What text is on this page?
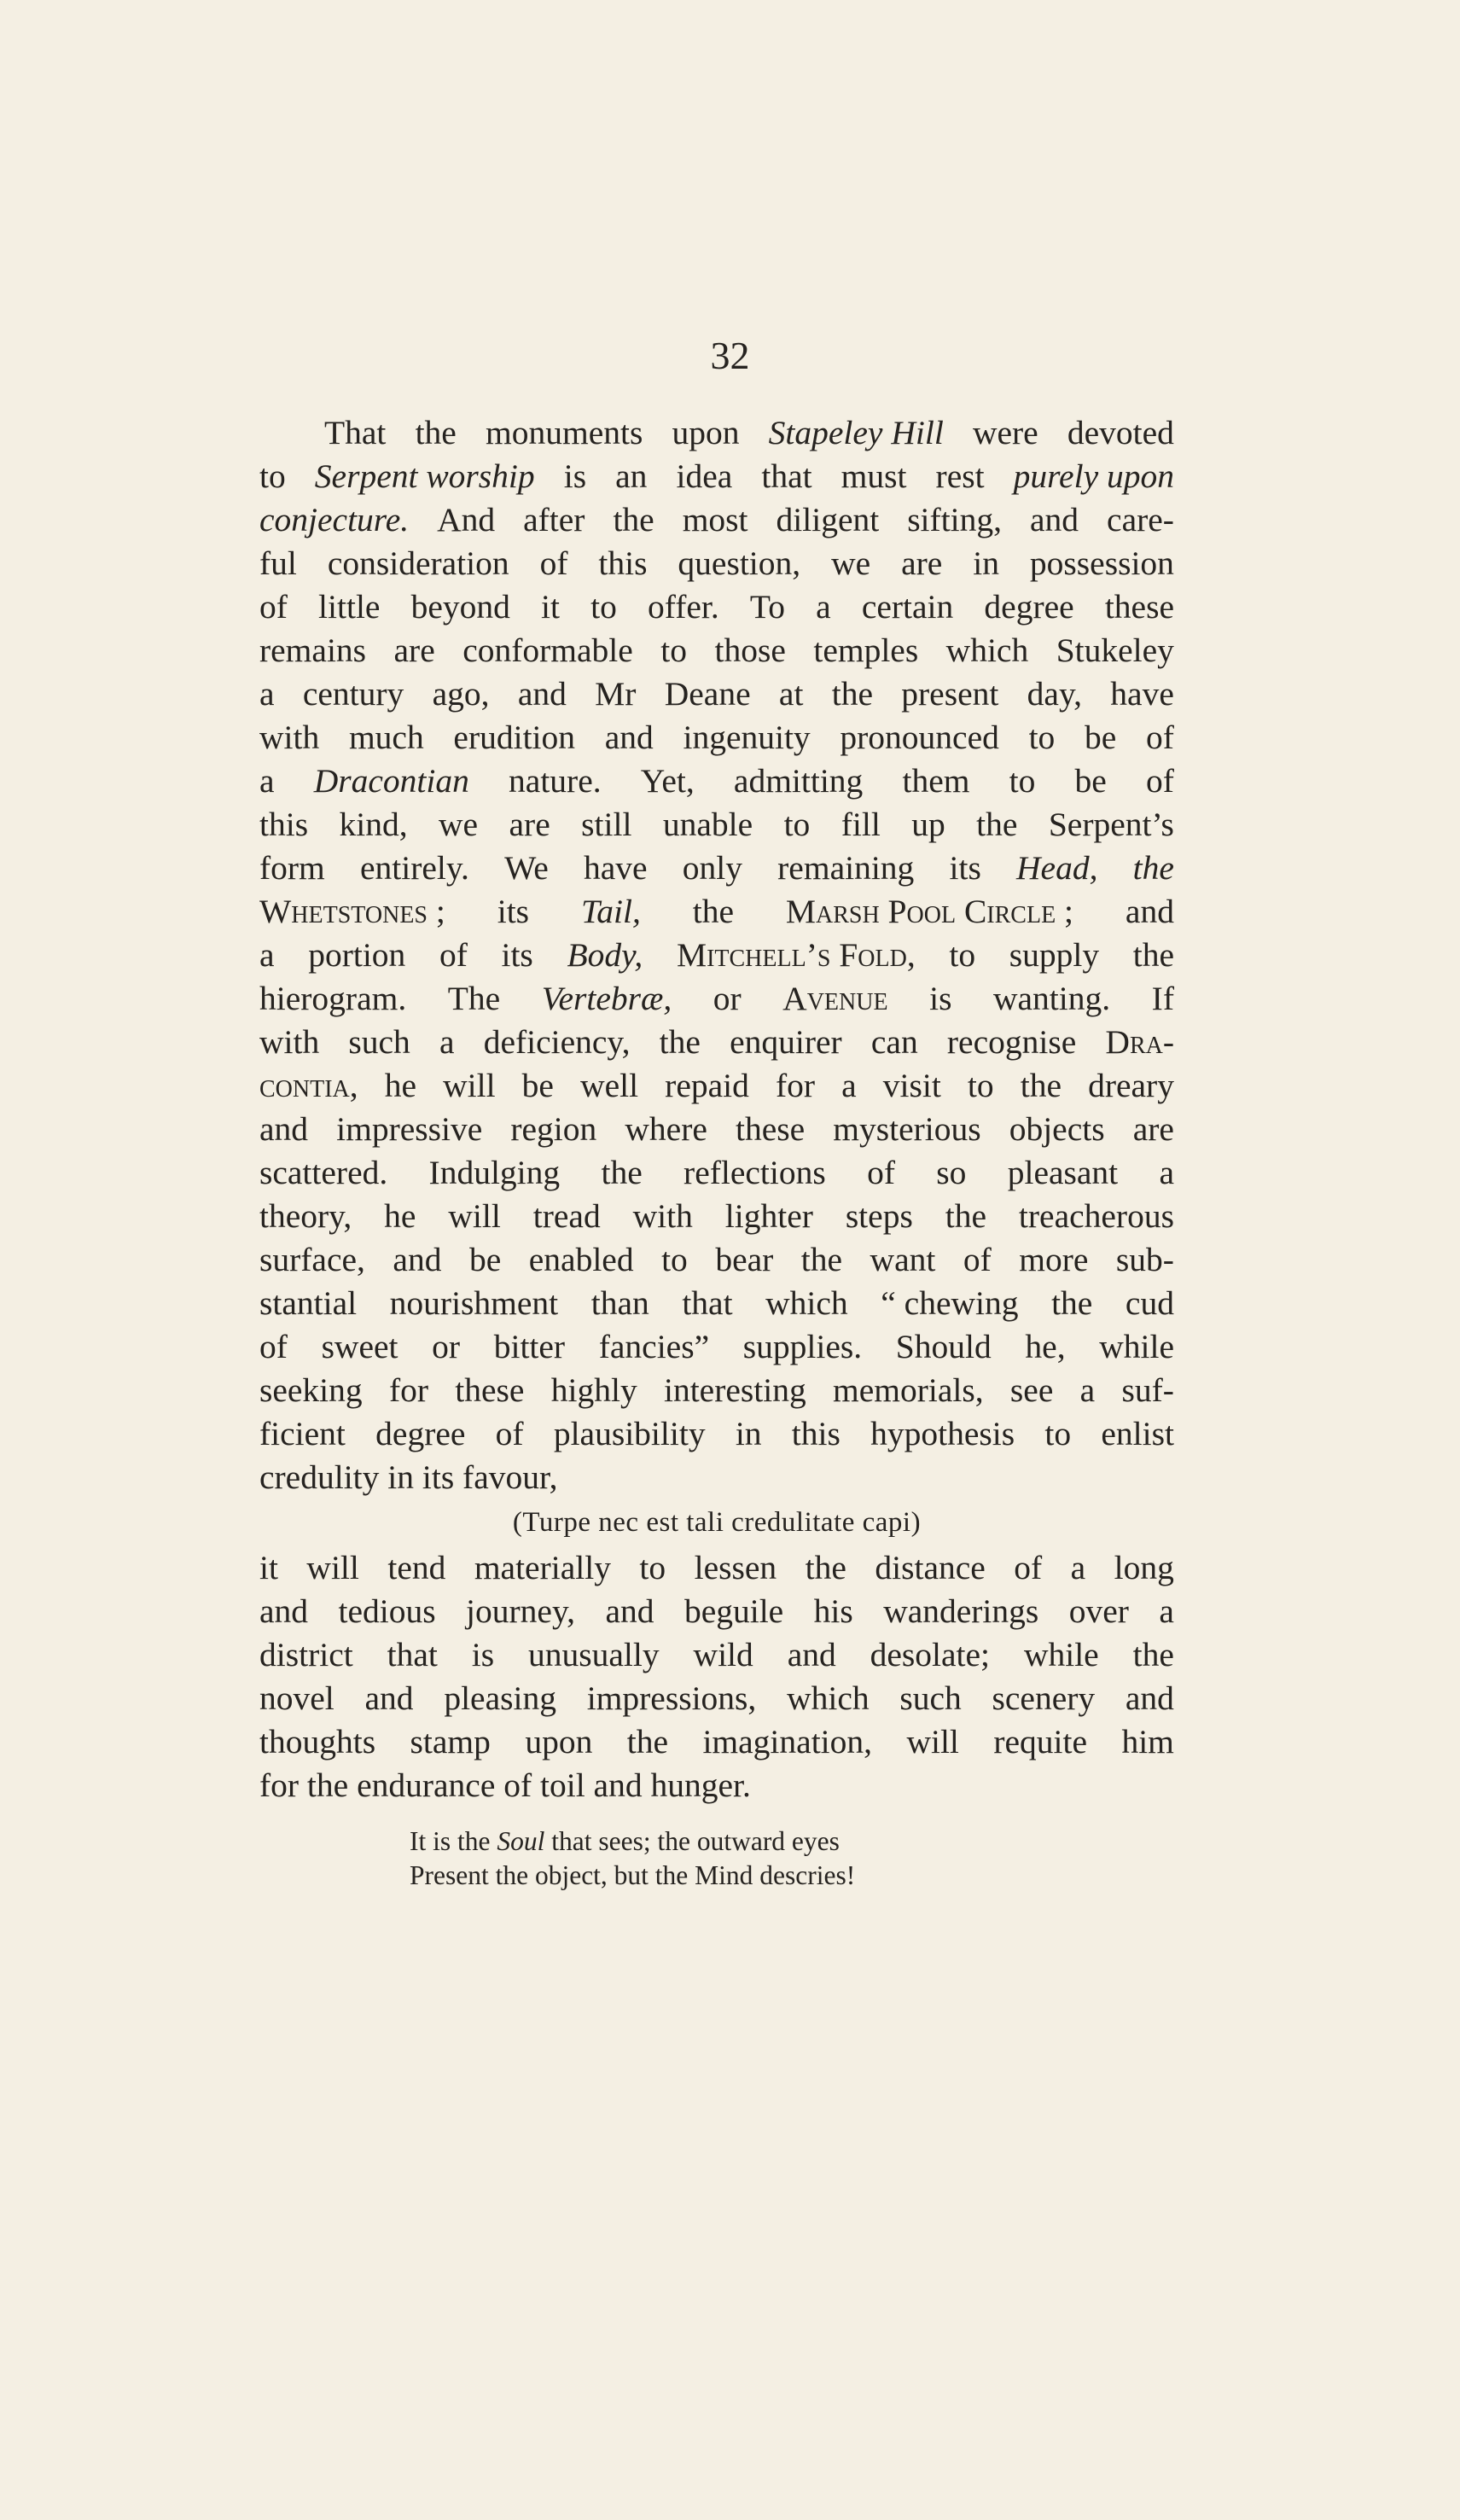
32
That the monuments upon Stapeley Hill were devoted
to Serpent worship is an idea that must rest purely upon
conjecture. And after the most diligent sifting, and care-
ful consideration of this question, we are in possession
of little beyond it to offer. To a certain degree these
remains are conformable to those temples which Stukeley
a century ago, and Mr Deane at the present day, have
with much erudition and ingenuity pronounced to be of
a Dracontian nature. Yet, admitting them to be of
this kind, we are still unable to fill up the Serpent’s
form entirely. We have only remaining its Head, the
Whetstones ; its Tail, the Marsh Pool Circle ; and
a portion of its Body, Mitchell’s Fold, to supply the
hierogram. The Vertebræ, or Avenue is wanting. If
with such a deficiency, the enquirer can recognise Dra-
contia, he will be well repaid for a visit to the dreary
and impressive region where these mysterious objects are
scattered. Indulging the reflections of so pleasant a
theory, he will tread with lighter steps the treacherous
surface, and be enabled to bear the want of more sub-
stantial nourishment than that which “ chewing the cud
of sweet or bitter fancies” supplies. Should he, while
seeking for these highly interesting memorials, see a suf-
ficient degree of plausibility in this hypothesis to enlist
credulity in its favour,
(Turpe nec est tali credulitate capi)
it will tend materially to lessen the distance of a long
and tedious journey, and beguile his wanderings over a
district that is unusually wild and desolate; while the
novel and pleasing impressions, which such scenery and
thoughts stamp upon the imagination, will requite him
for the endurance of toil and hunger.
It is the Soul that sees; the outward eyes
Present the object, but the Mind descries!
